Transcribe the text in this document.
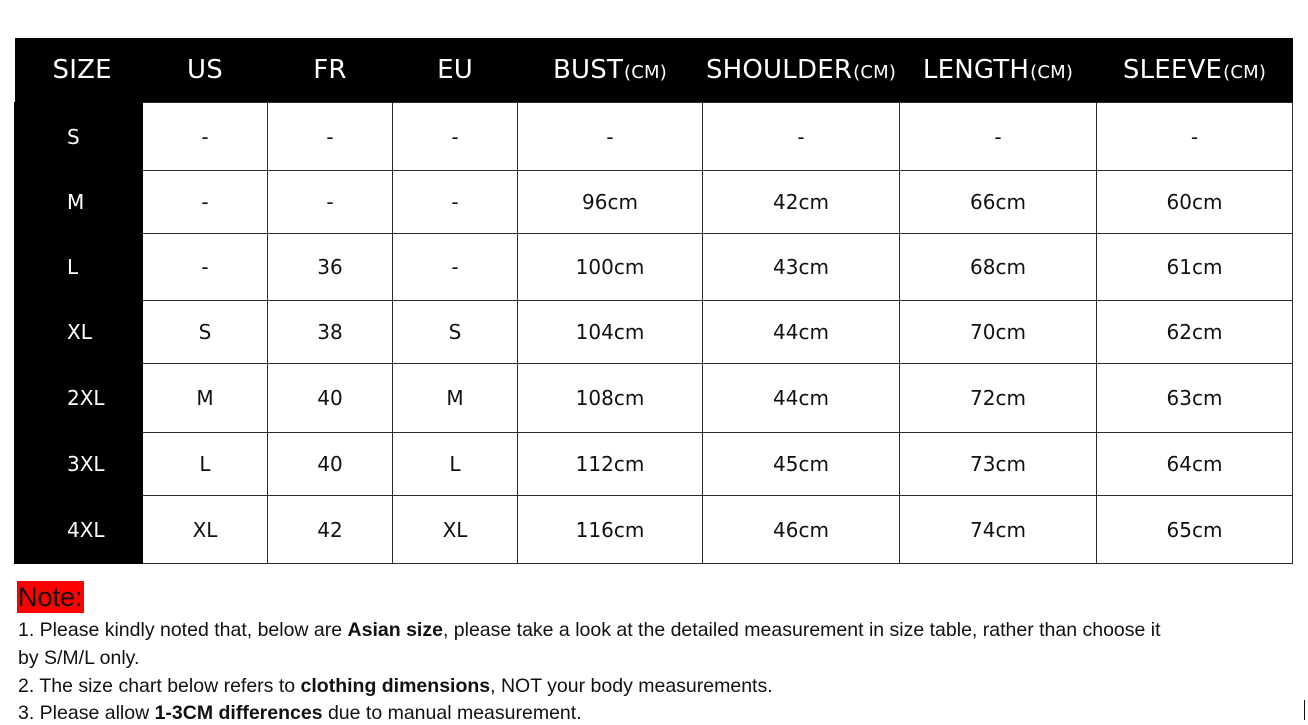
SIZE	US	FR	EU	BUST(CM)	SHOULDER(CM)	LENGTH(CM)	SLEEVE(CM)
S	-	-	-	-	-	-	-
M	-	-	-	96cm	42cm	66cm	60cm
L	-	36	-	100cm	43cm	68cm	61cm
XL	S	38	S	104cm	44cm	70cm	62cm
2XL	M	40	M	108cm	44cm	72cm	63cm
3XL	L	40	L	112cm	45cm	73cm	64cm
4XL	XL	42	XL	116cm	46cm	74cm	65cm
Note:
1. Please kindly noted that, below are Asian size, please take a look at the detailed measurement in size table, rather than choose it
by S/M/L only.
2. The size chart below refers to clothing dimensions, NOT your body measurements.
3. Please allow 1-3CM differences due to manual measurement.
